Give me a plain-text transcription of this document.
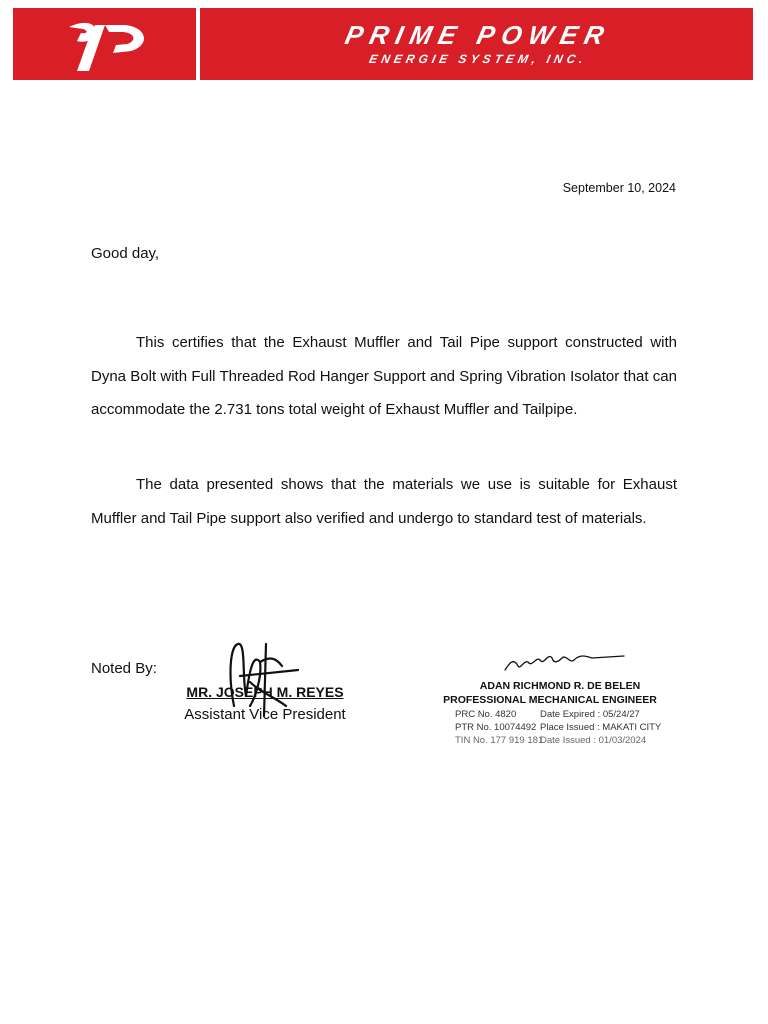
PRIME POWER
ENERGIE SYSTEM, INC.
September 10, 2024
Good day,

This certifies that the Exhaust Muffler and Tail Pipe support constructed with Dyna Bolt with Full Threaded Rod Hanger Support and Spring Vibration Isolator that can accommodate the 2.731 tons total weight of Exhaust Muffler and Tailpipe.

The data presented shows that the materials we use is suitable for Exhaust Muffler and Tail Pipe support also verified and undergo to standard test of materials.

Noted By:
MR. JOSEPH M. REYES
Assistant Vice President
ADAN RICHMOND R. DE BELEN
PROFESSIONAL MECHANICAL ENGINEER
PRC No. 4820 Date Expired : 05/24/27
PTR No. 10074492 Place Issued : MAKATI CITY
TIN No. 177 919 181Date Issued : 01/03/2024
